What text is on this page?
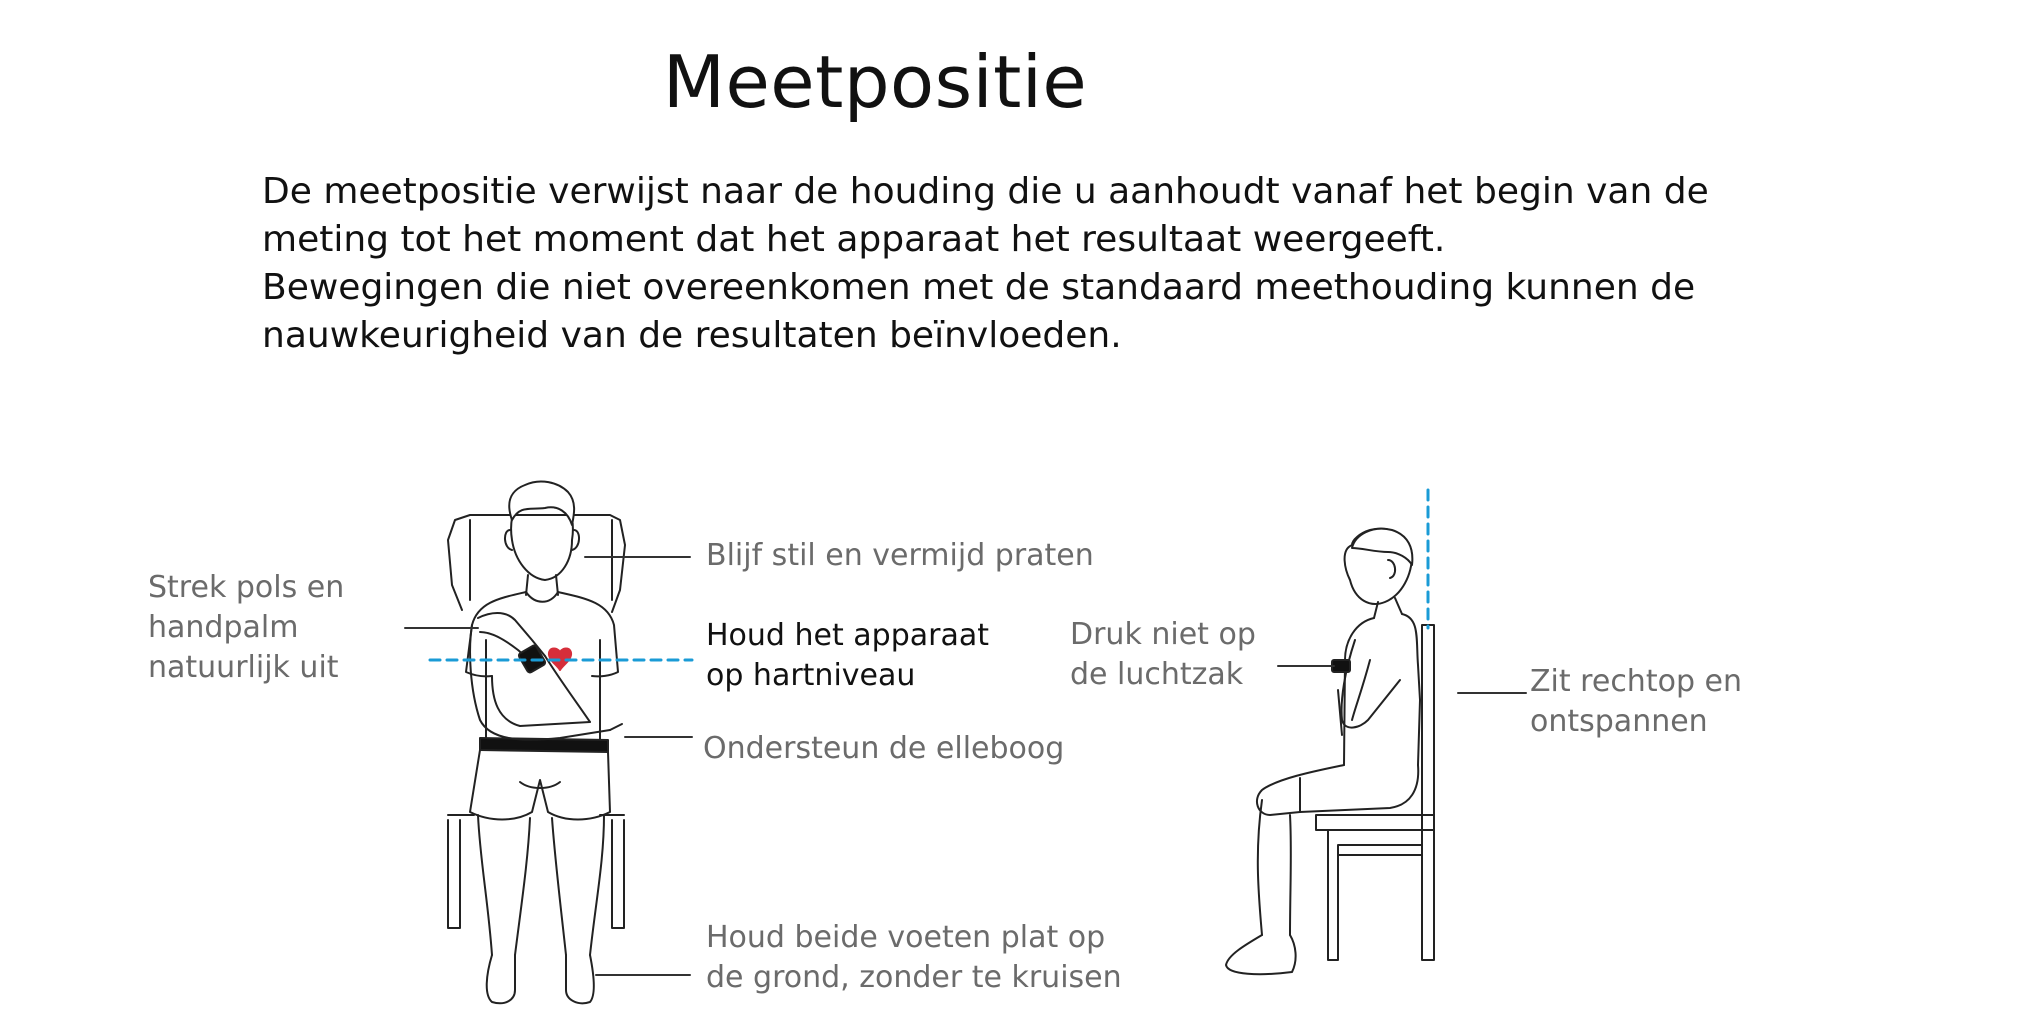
Meetpositie

De meetpositie verwijst naar de houding die u aanhoudt vanaf het begin van de meting tot het moment dat het apparaat het resultaat weergeeft.

Bewegingen die niet overeenkomen met de standaard meethouding kunnen de nauwkeurigheid van de resultaten beïnvloeden.

Blijf stil en vermijd praten
Strek pols en
handpalm
natuurlijk uit
Houd het apparaat
op hartniveau
Ondersteun de elleboog
Houd beide voeten plat op
de grond, zonder te kruisen
Druk niet op
de luchtzak	Zit rechtop en
ontspannen
